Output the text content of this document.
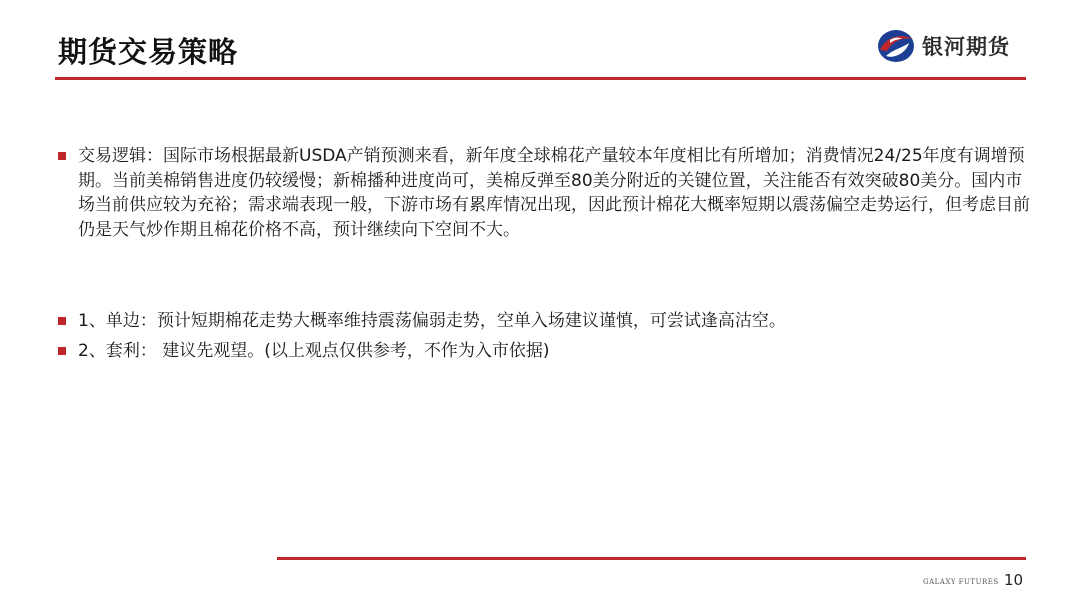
期货交易策略	银河期货
交易逻辑：国际市场根据最新USDA产销预测来看，新年度全球棉花产量较本年度相比有所增加；消费情况24/25年度有调增预期。当前美棉销售进度仍较缓慢；新棉播种进度尚可，美棉反弹至80美分附近的关键位置，关注能否有效突破80美分。国内市场当前供应较为充裕；需求端表现一般，下游市场有累库情况出现，因此预计棉花大概率短期以震荡偏空走势运行，但考虑目前仍是天气炒作期且棉花价格不高，预计继续向下空间不大。
1、单边：预计短期棉花走势大概率维持震荡偏弱走势，空单入场建议谨慎，可尝试逢高沽空。
2、套利： 建议先观望。(以上观点仅供参考，不作为入市依据)
GALAXY FUTURES 10
